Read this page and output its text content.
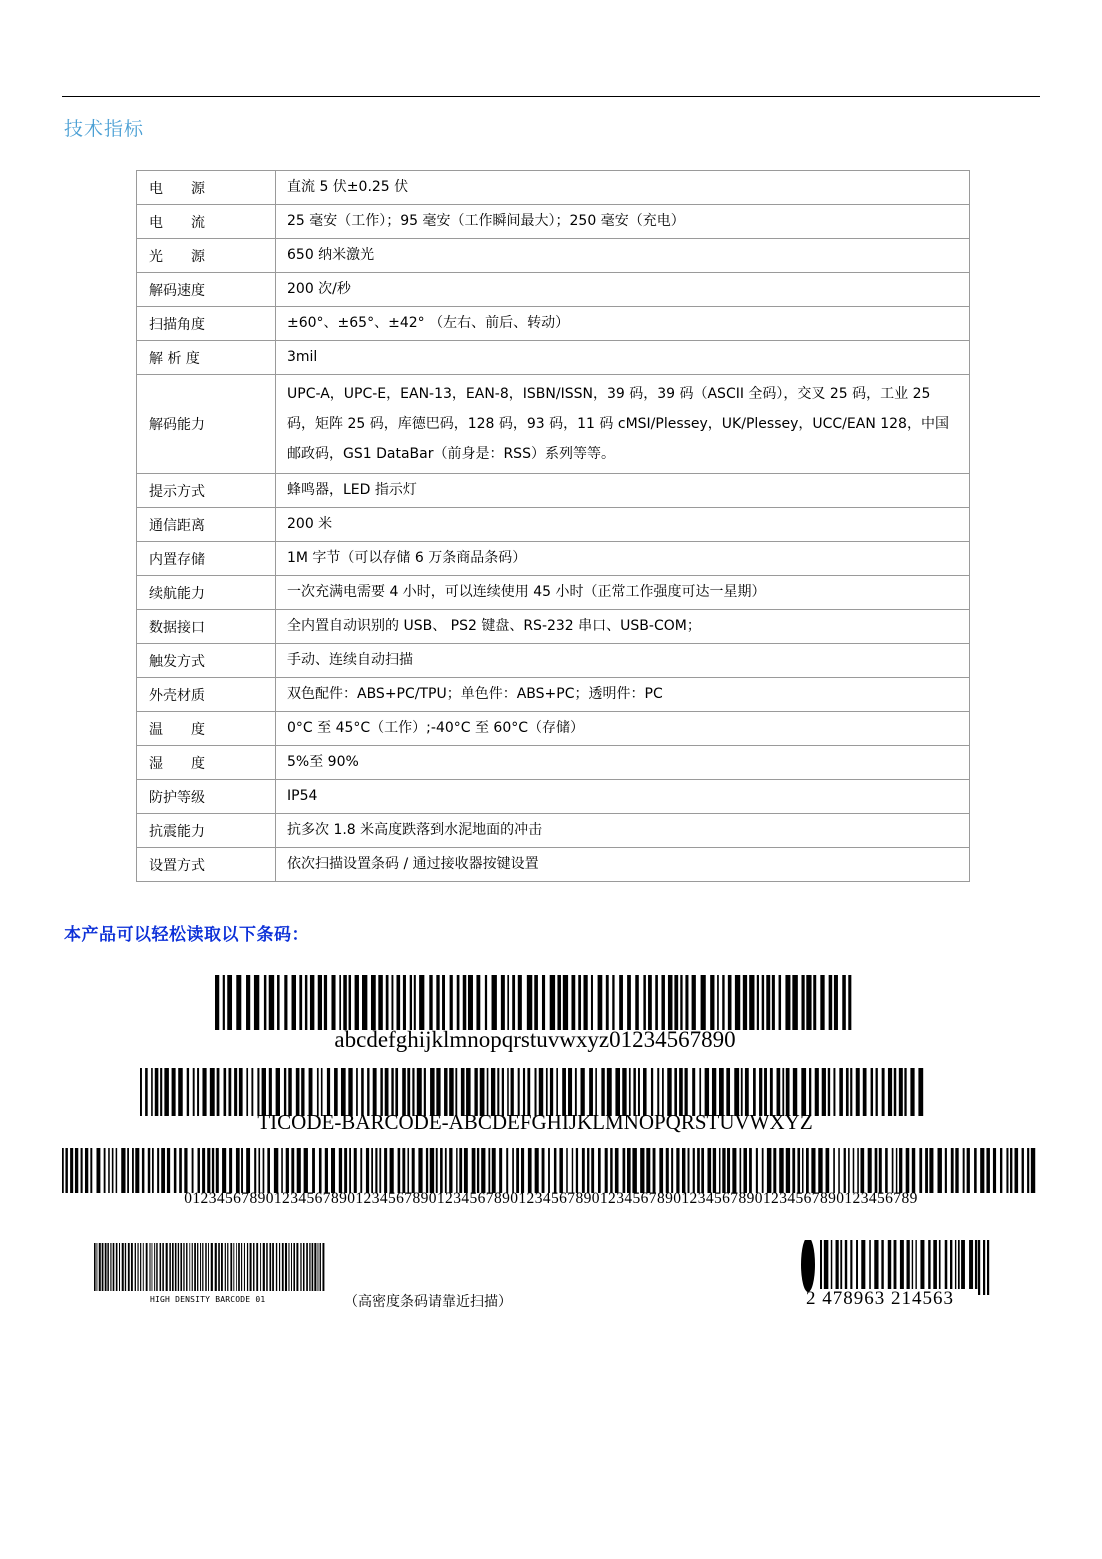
技术指标
电　　源	直流 5 伏±0.25 伏
电　　流	25 毫安（工作）；95 毫安（工作瞬间最大）；250 毫安（充电）
光　　源	650 纳米激光
解码速度	200 次/秒
扫描角度	±60°、±65°、±42° （左右、前后、转动）
解 析 度	3mil
解码能力	UPC-A，UPC-E，EAN-13，EAN-8，ISBN/ISSN，39 码，39 码（ASCII 全码），交叉 25 码，工业 25 码，矩阵 25 码，库德巴码，128 码，93 码，11 码 cMSI/Plessey，UK/Plessey，UCC/EAN 128，中国邮政码，GS1 DataBar（前身是：RSS）系列等等。
提示方式	蜂鸣器，LED 指示灯
通信距离	200 米
内置存储	1M 字节（可以存储 6 万条商品条码）
续航能力	一次充满电需要 4 小时，可以连续使用 45 小时（正常工作强度可达一星期）
数据接口	全内置自动识别的 USB、 PS2 键盘、RS-232 串口、USB-COM；
触发方式	手动、连续自动扫描
外壳材质	双色配件：ABS+PC/TPU；单色件：ABS+PC；透明件：PC
温　　度	0°C 至 45°C（工作）;-40°C 至 60°C（存储）
湿　　度	5%至 90%
防护等级	IP54
抗震能力	抗多次 1.8 米高度跌落到水泥地面的冲击
设置方式	依次扫描设置条码 / 通过接收器按键设置
本产品可以轻松读取以下条码：
abcdefghijklmnopqrstuvwxyz01234567890
TICODE-BARCODE-ABCDEFGHIJKLMNOPQRSTUVWXYZ
012345678901234567890123456789012345678901234567890123456789012345678901234567890123456789
HIGH DENSITY BARCODE 01	（高密度条码请靠近扫描）	2 478963 214563
